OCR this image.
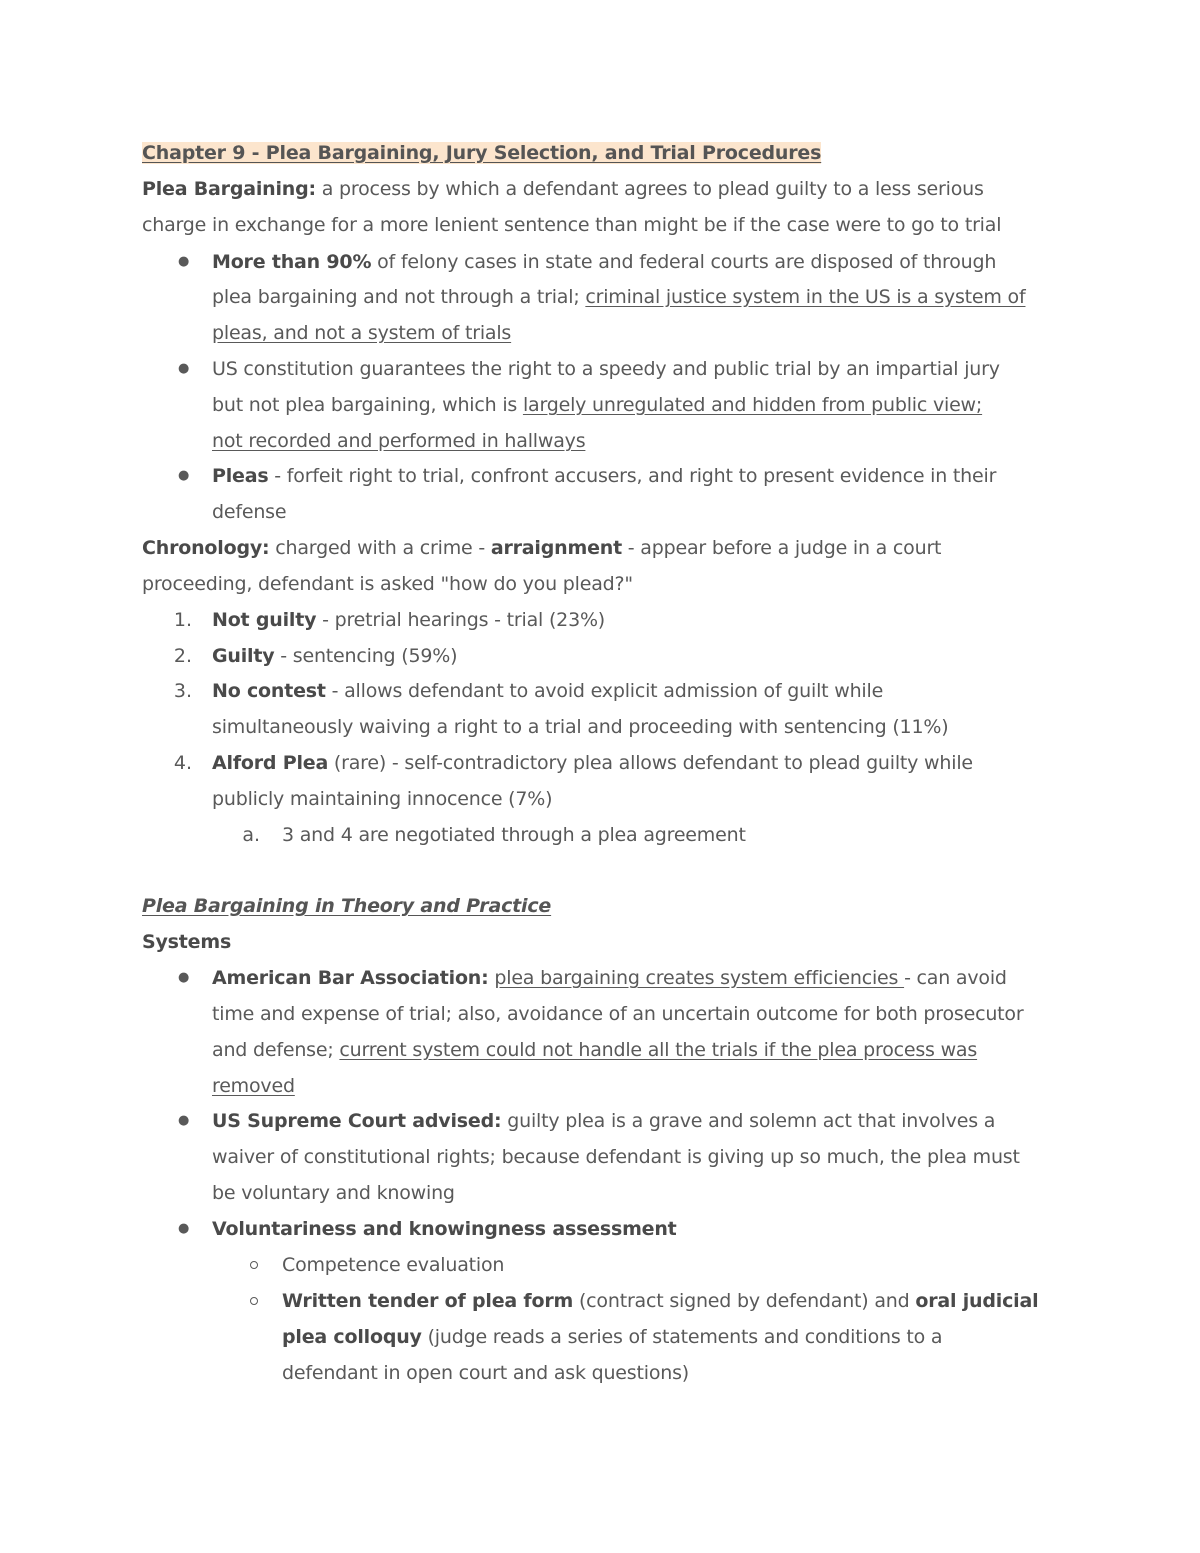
Chapter 9 - Plea Bargaining, Jury Selection, and Trial Procedures
Plea Bargaining: a process by which a defendant agrees to plead guilty to a less serious
charge in exchange for a more lenient sentence than might be if the case were to go to trial
● More than 90% of felony cases in state and federal courts are disposed of through
plea bargaining and not through a trial; criminal justice system in the US is a system of
pleas, and not a system of trials
● US constitution guarantees the right to a speedy and public trial by an impartial jury
but not plea bargaining, which is largely unregulated and hidden from public view;
not recorded and performed in hallways
● Pleas - forfeit right to trial, confront accusers, and right to present evidence in their
defense
Chronology: charged with a crime - arraignment - appear before a judge in a court
proceeding, defendant is asked "how do you plead?"
1. Not guilty - pretrial hearings - trial (23%)
2. Guilty - sentencing (59%)
3. No contest - allows defendant to avoid explicit admission of guilt while
simultaneously waiving a right to a trial and proceeding with sentencing (11%)
4. Alford Plea (rare) - self-contradictory plea allows defendant to plead guilty while
publicly maintaining innocence (7%)
a. 3 and 4 are negotiated through a plea agreement
Plea Bargaining in Theory and Practice
Systems
● American Bar Association: plea bargaining creates system efficiencies - can avoid
time and expense of trial; also, avoidance of an uncertain outcome for both prosecutor
and defense; current system could not handle all the trials if the plea process was
removed
● US Supreme Court advised: guilty plea is a grave and solemn act that involves a
waiver of constitutional rights; because defendant is giving up so much, the plea must
be voluntary and knowing
● Voluntariness and knowingness assessment
Competence evaluation
Written tender of plea form (contract signed by defendant) and oral judicial
plea colloquy (judge reads a series of statements and conditions to a
defendant in open court and ask questions)
